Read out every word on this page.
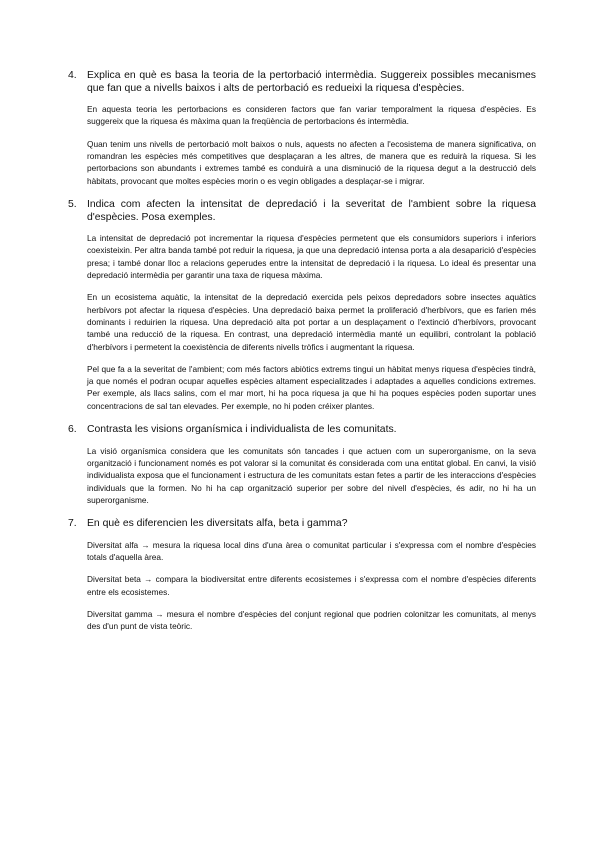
4. Explica en què es basa la teoria de la pertorbació intermèdia. Suggereix possibles mecanismes que fan que a nivells baixos i alts de pertorbació es redueixi la riquesa d'espècies.

En aquesta teoria les pertorbacions es consideren factors que fan variar temporalment la riquesa d'espècies. Es suggereix que la riquesa és màxima quan la freqüència de pertorbacions és intermèdia.

Quan tenim uns nivells de pertorbació molt baixos o nuls, aquests no afecten a l'ecosistema de manera significativa, on romandran les espècies més competitives que desplaçaran a les altres, de manera que es reduirà la riquesa. Si les pertorbacions son abundants i extremes també es conduirà a una disminució de la riquesa degut a la destrucció dels hàbitats, provocant que moltes espècies morin o es vegin obligades a desplaçar-se i migrar.

5. Indica com afecten la intensitat de depredació i la severitat de l'ambient sobre la riquesa d'espècies. Posa exemples.

La intensitat de depredació pot incrementar la riquesa d'espècies permetent que els consumidors superiors i inferiors coexisteixin. Per altra banda també pot reduir la riquesa, ja que una depredació intensa porta a ala desaparició d'espècies presa; i també donar lloc a relacions geperudes entre la intensitat de depredació i la riquesa. Lo ideal és presentar una depredació intermèdia per garantir una taxa de riquesa màxima.

En un ecosistema aquàtic, la intensitat de la depredació exercida pels peixos depredadors sobre insectes aquàtics herbívors pot afectar la riquesa d'espècies. Una depredació baixa permet la proliferació d'herbívors, que es farien més dominants i reduirien la riquesa. Una depredació alta pot portar a un desplaçament o l'extinció d'herbívors, provocant també una reducció de la riquesa. En contrast, una depredació intermèdia manté un equilibri, controlant la població d'herbívors i permetent la coexistència de diferents nivells tròfics i augmentant la riquesa.

Pel que fa a la severitat de l'ambient; com més factors abiòtics extrems tingui un hàbitat menys riquesa d'espècies tindrà, ja que només el podran ocupar aquelles espècies altament especialitzades i adaptades a aquelles condicions extremes. Per exemple, als llacs salins, com el mar mort, hi ha poca riquesa ja que hi ha poques espècies poden suportar unes concentracions de sal tan elevades. Per exemple, no hi poden créixer plantes.

6. Contrasta les visions organísmica i individualista de les comunitats.

La visió organísmica considera que les comunitats són tancades i que actuen com un superorganisme, on la seva organització i funcionament només es pot valorar si la comunitat és considerada com una entitat global. En canvi, la visió individualista exposa que el funcionament i estructura de les comunitats estan fetes a partir de les interaccions d'espècies individuals que la formen. No hi ha cap organització superior per sobre del nivell d'espècies, és adir, no hi ha un superorganisme.

7. En què es diferencien les diversitats alfa, beta i gamma?

Diversitat alfa → mesura la riquesa local dins d'una àrea o comunitat particular i s'expressa com el nombre d'espècies totals d'aquella àrea.

Diversitat beta → compara la biodiversitat entre diferents ecosistemes i s'expressa com el nombre d'espècies diferents entre els ecosistemes.

Diversitat gamma → mesura el nombre d'espècies del conjunt regional que podrien colonitzar les comunitats, al menys des d'un punt de vista teòric.
